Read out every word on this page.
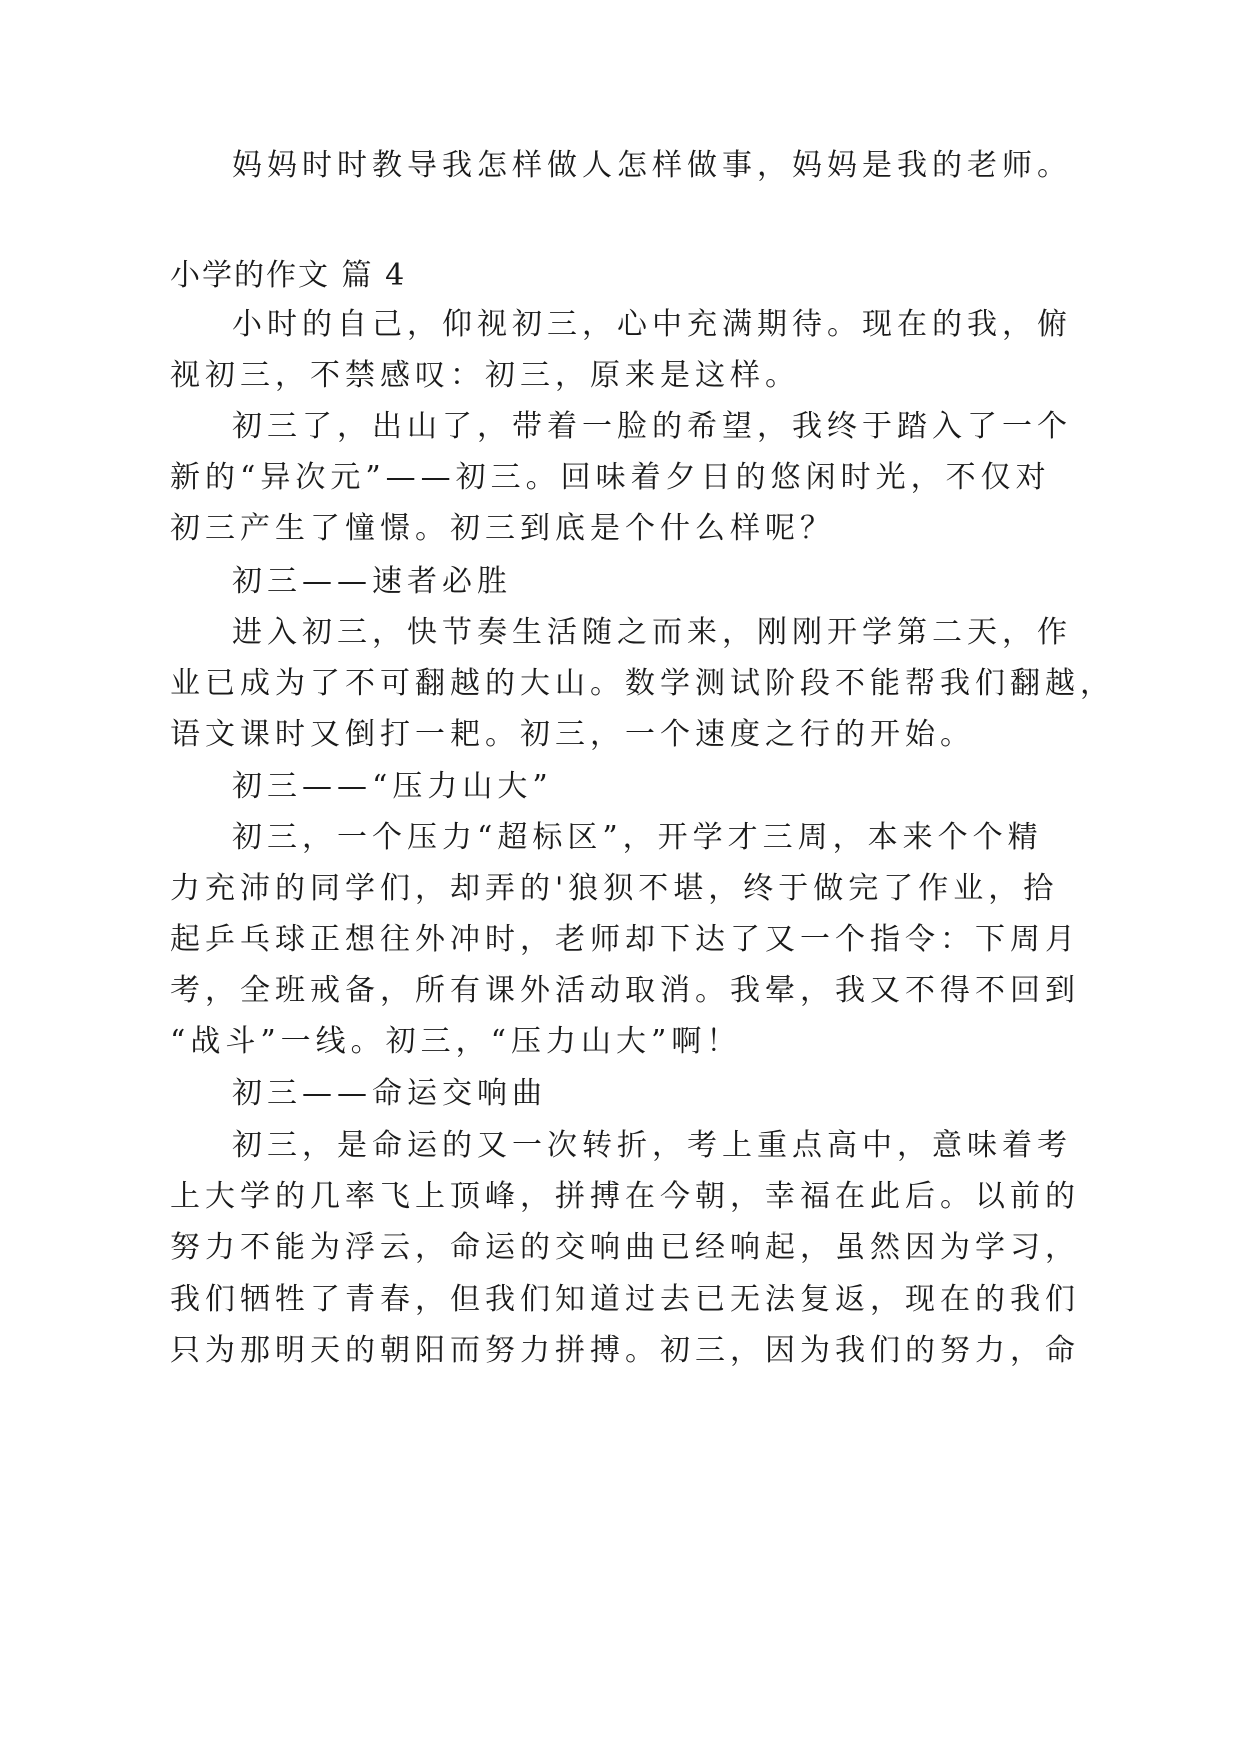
妈妈时时教导我怎样做人怎样做事，妈妈是我的老师。

小学的作文 篇 4

小时的自己，仰视初三，心中充满期待。现在的我，俯

视初三，不禁感叹：初三，原来是这样。

初三了，出山了，带着一脸的希望，我终于踏入了一个

新的“异次元”——初三。回味着夕日的悠闲时光，不仅对

初三产生了憧憬。初三到底是个什么样呢？

初三——速者必胜

进入初三，快节奏生活随之而来，刚刚开学第二天，作

业已成为了不可翻越的大山。数学测试阶段不能帮我们翻越，

语文课时又倒打一耙。初三，一个速度之行的开始。

初三——“压力山大”

初三，一个压力“超标区”，开学才三周，本来个个精

力充沛的同学们，却弄的'狼狈不堪，终于做完了作业，拾

起乒乓球正想往外冲时，老师却下达了又一个指令：下周月

考，全班戒备，所有课外活动取消。我晕，我又不得不回到

“战斗”一线。初三，“压力山大”啊！

初三——命运交响曲

初三，是命运的又一次转折，考上重点高中，意味着考

上大学的几率飞上顶峰，拼搏在今朝，幸福在此后。以前的

努力不能为浮云，命运的交响曲已经响起，虽然因为学习，

我们牺牲了青春，但我们知道过去已无法复返，现在的我们

只为那明天的朝阳而努力拼搏。初三，因为我们的努力，命
